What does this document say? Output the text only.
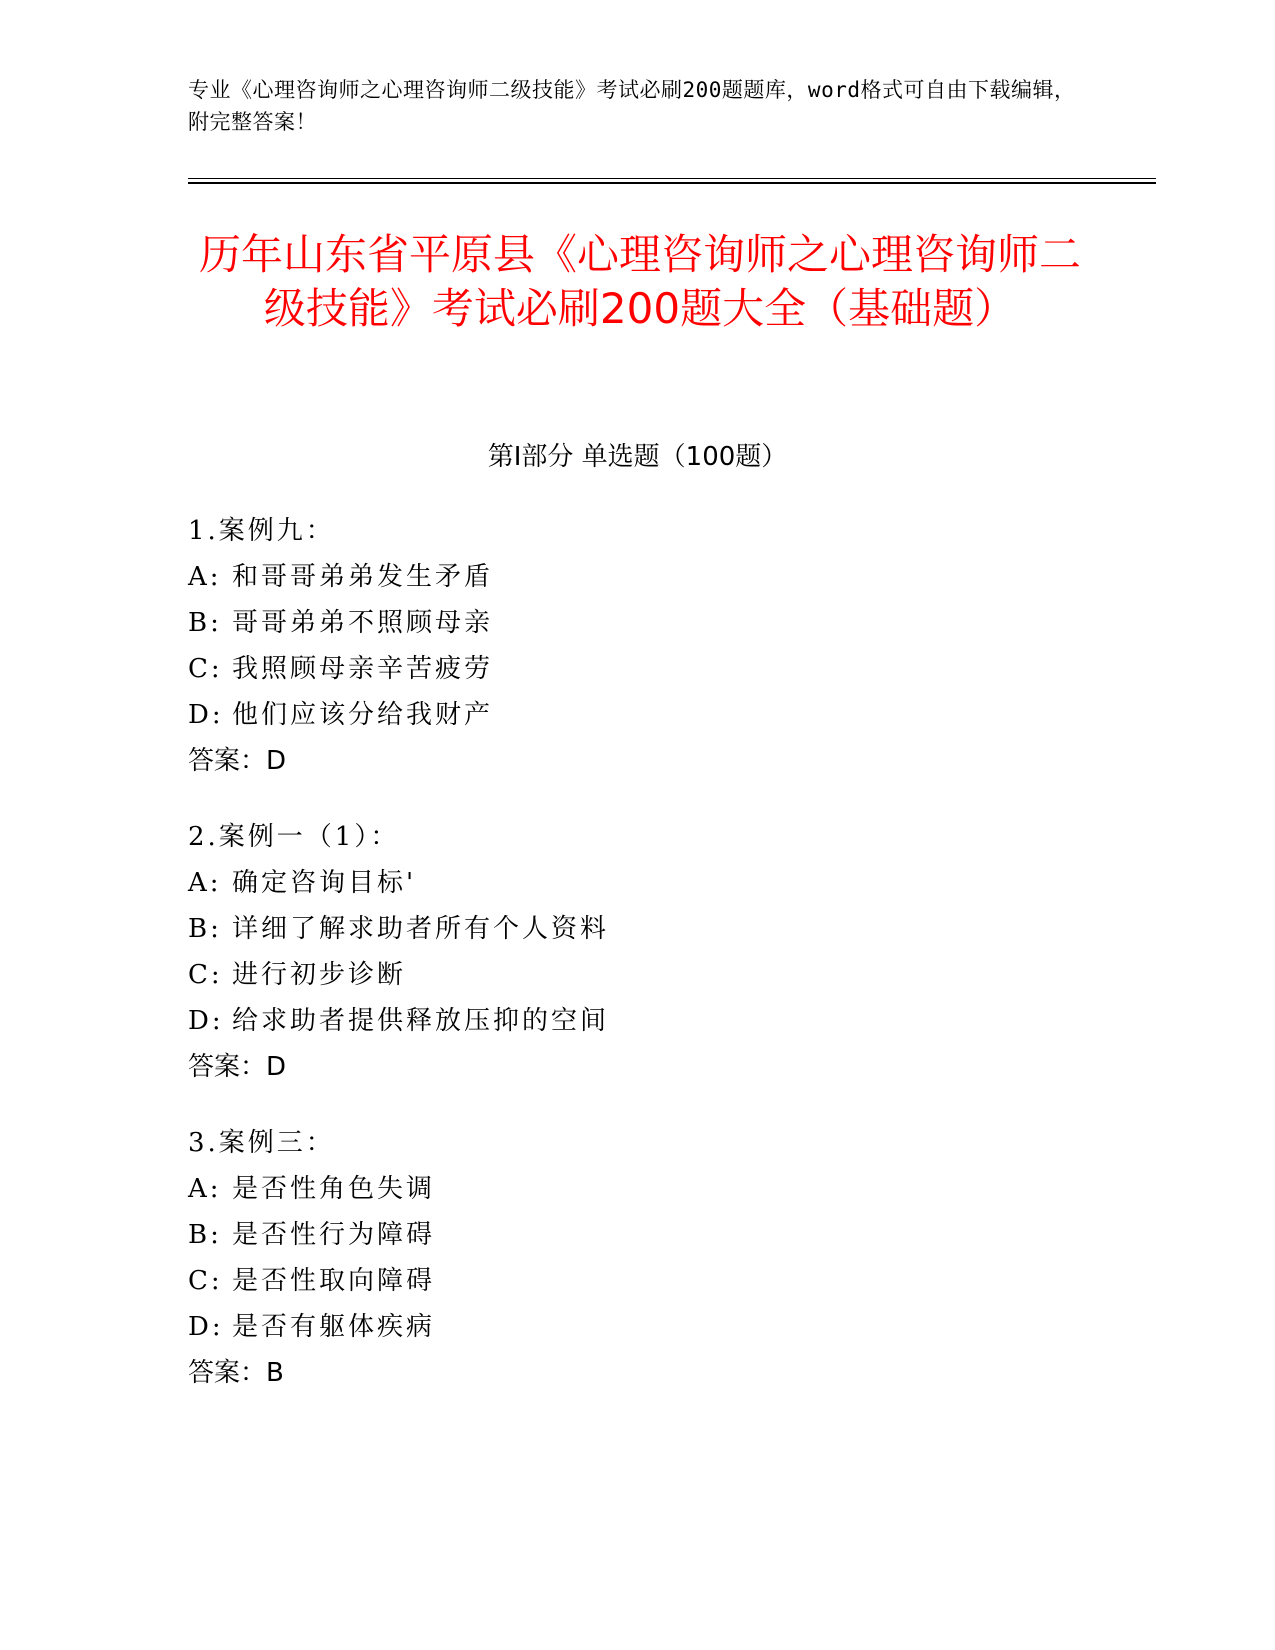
专业《心理咨询师之心理咨询师二级技能》考试必刷200题题库，word格式可自由下载编辑，附完整答案！
历年山东省平原县《心理咨询师之心理咨询师二级技能》考试必刷200题大全（基础题）
第Ⅰ部分 单选题（100题）
1.案例九：
A: 和哥哥弟弟发生矛盾
B: 哥哥弟弟不照顾母亲
C: 我照顾母亲辛苦疲劳
D: 他们应该分给我财产
答案：D
2.案例一（1）：
A: 确定咨询目标'
B: 详细了解求助者所有个人资料
C: 进行初步诊断
D: 给求助者提供释放压抑的空间
答案：D
3.案例三：
A: 是否性角色失调
B: 是否性行为障碍
C: 是否性取向障碍
D: 是否有躯体疾病
答案：B
